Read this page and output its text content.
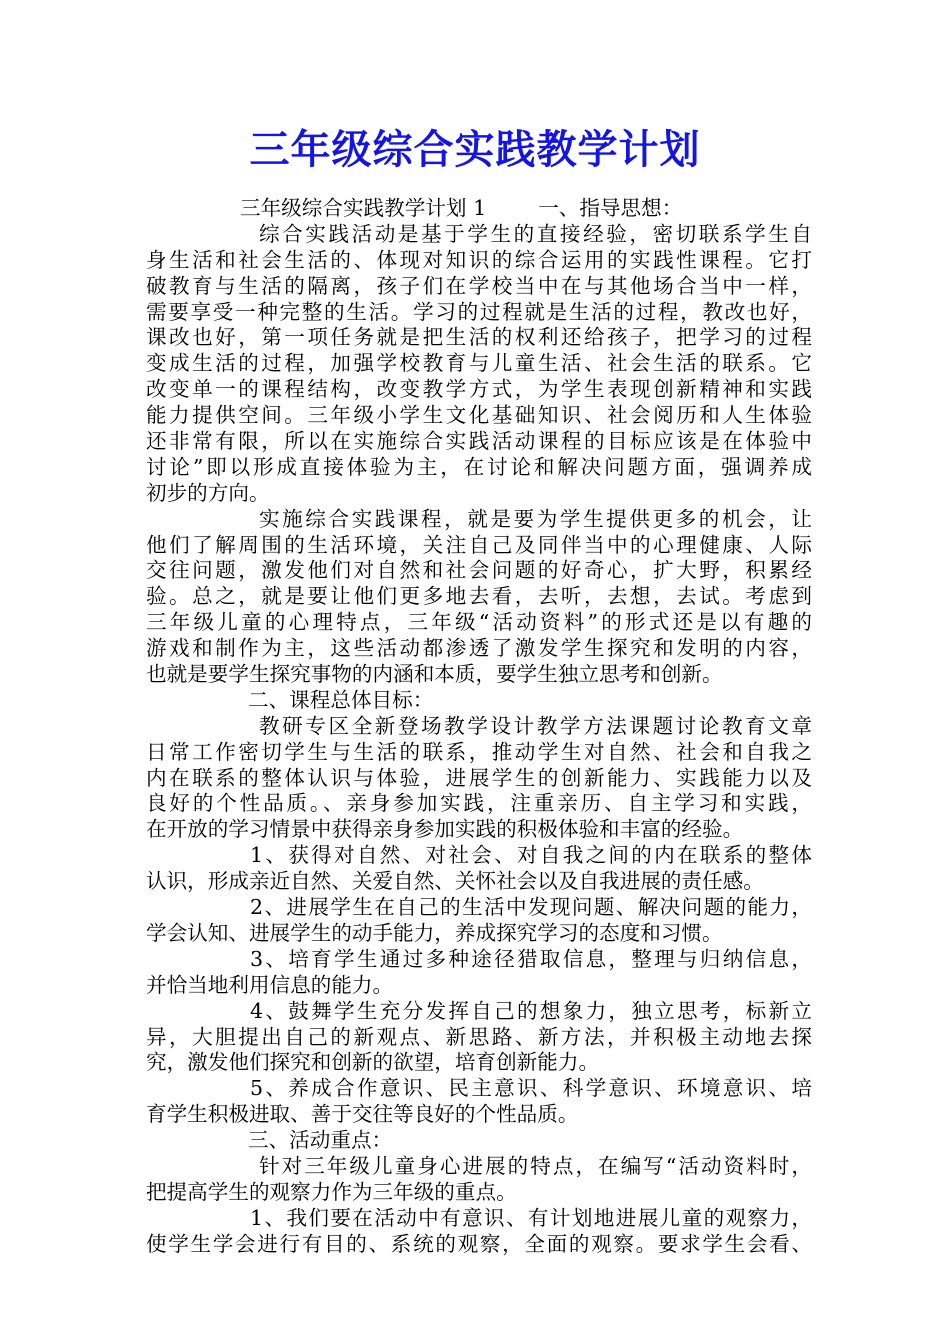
三年级综合实践教学计划
三年级综合实践教学计划 1	一、指导思想：
综合实践活动是基于学生的直接经验，密切联系学生自
身生活和社会生活的、体现对知识的综合运用的实践性课程。它打
破教育与生活的隔离，孩子们在学校当中在与其他场合当中一样，
需要享受一种完整的生活。学习的过程就是生活的过程，教改也好，
课改也好，第一项任务就是把生活的权利还给孩子，把学习的过程
变成生活的过程，加强学校教育与儿童生活、社会生活的联系。它
改变单一的课程结构，改变教学方式，为学生表现创新精神和实践
能力提供空间。三年级小学生文化基础知识、社会阅历和人生体验
还非常有限，所以在实施综合实践活动课程的目标应该是在体验中
讨论”即以形成直接体验为主，在讨论和解决问题方面，强调养成
初步的方向。
实施综合实践课程，就是要为学生提供更多的机会，让
他们了解周围的生活环境，关注自己及同伴当中的心理健康、人际
交往问题，激发他们对自然和社会问题的好奇心，扩大野，积累经
验。总之，就是要让他们更多地去看，去听，去想，去试。考虑到
三年级儿童的心理特点，三年级“活动资料”的形式还是以有趣的
游戏和制作为主，这些活动都渗透了激发学生探究和发明的内容，
也就是要学生探究事物的内涵和本质，要学生独立思考和创新。
二、课程总体目标：
教研专区全新登场教学设计教学方法课题讨论教育文章
日常工作密切学生与生活的联系，推动学生对自然、社会和自我之
内在联系的整体认识与体验，进展学生的创新能力、实践能力以及
良好的个性品质。、亲身参加实践，注重亲历、自主学习和实践，
在开放的学习情景中获得亲身参加实践的积极体验和丰富的经验。
1、获得对自然、对社会、对自我之间的内在联系的整体
认识，形成亲近自然、关爱自然、关怀社会以及自我进展的责任感。
2、进展学生在自己的生活中发现问题、解决问题的能力，
学会认知、进展学生的动手能力，养成探究学习的态度和习惯。
3、培育学生通过多种途径猎取信息，整理与归纳信息，
并恰当地利用信息的能力。
4、鼓舞学生充分发挥自己的想象力，独立思考，标新立
异，大胆提出自己的新观点、新思路、新方法，并积极主动地去探
究，激发他们探究和创新的欲望，培育创新能力。
5、养成合作意识、民主意识、科学意识、环境意识、培
育学生积极进取、善于交往等良好的个性品质。
三、活动重点：
针对三年级儿童身心进展的特点，在编写“活动资料时，
把提高学生的观察力作为三年级的重点。
1、我们要在活动中有意识、有计划地进展儿童的观察力，
使学生学会进行有目的、系统的观察，全面的观察。要求学生会看、
